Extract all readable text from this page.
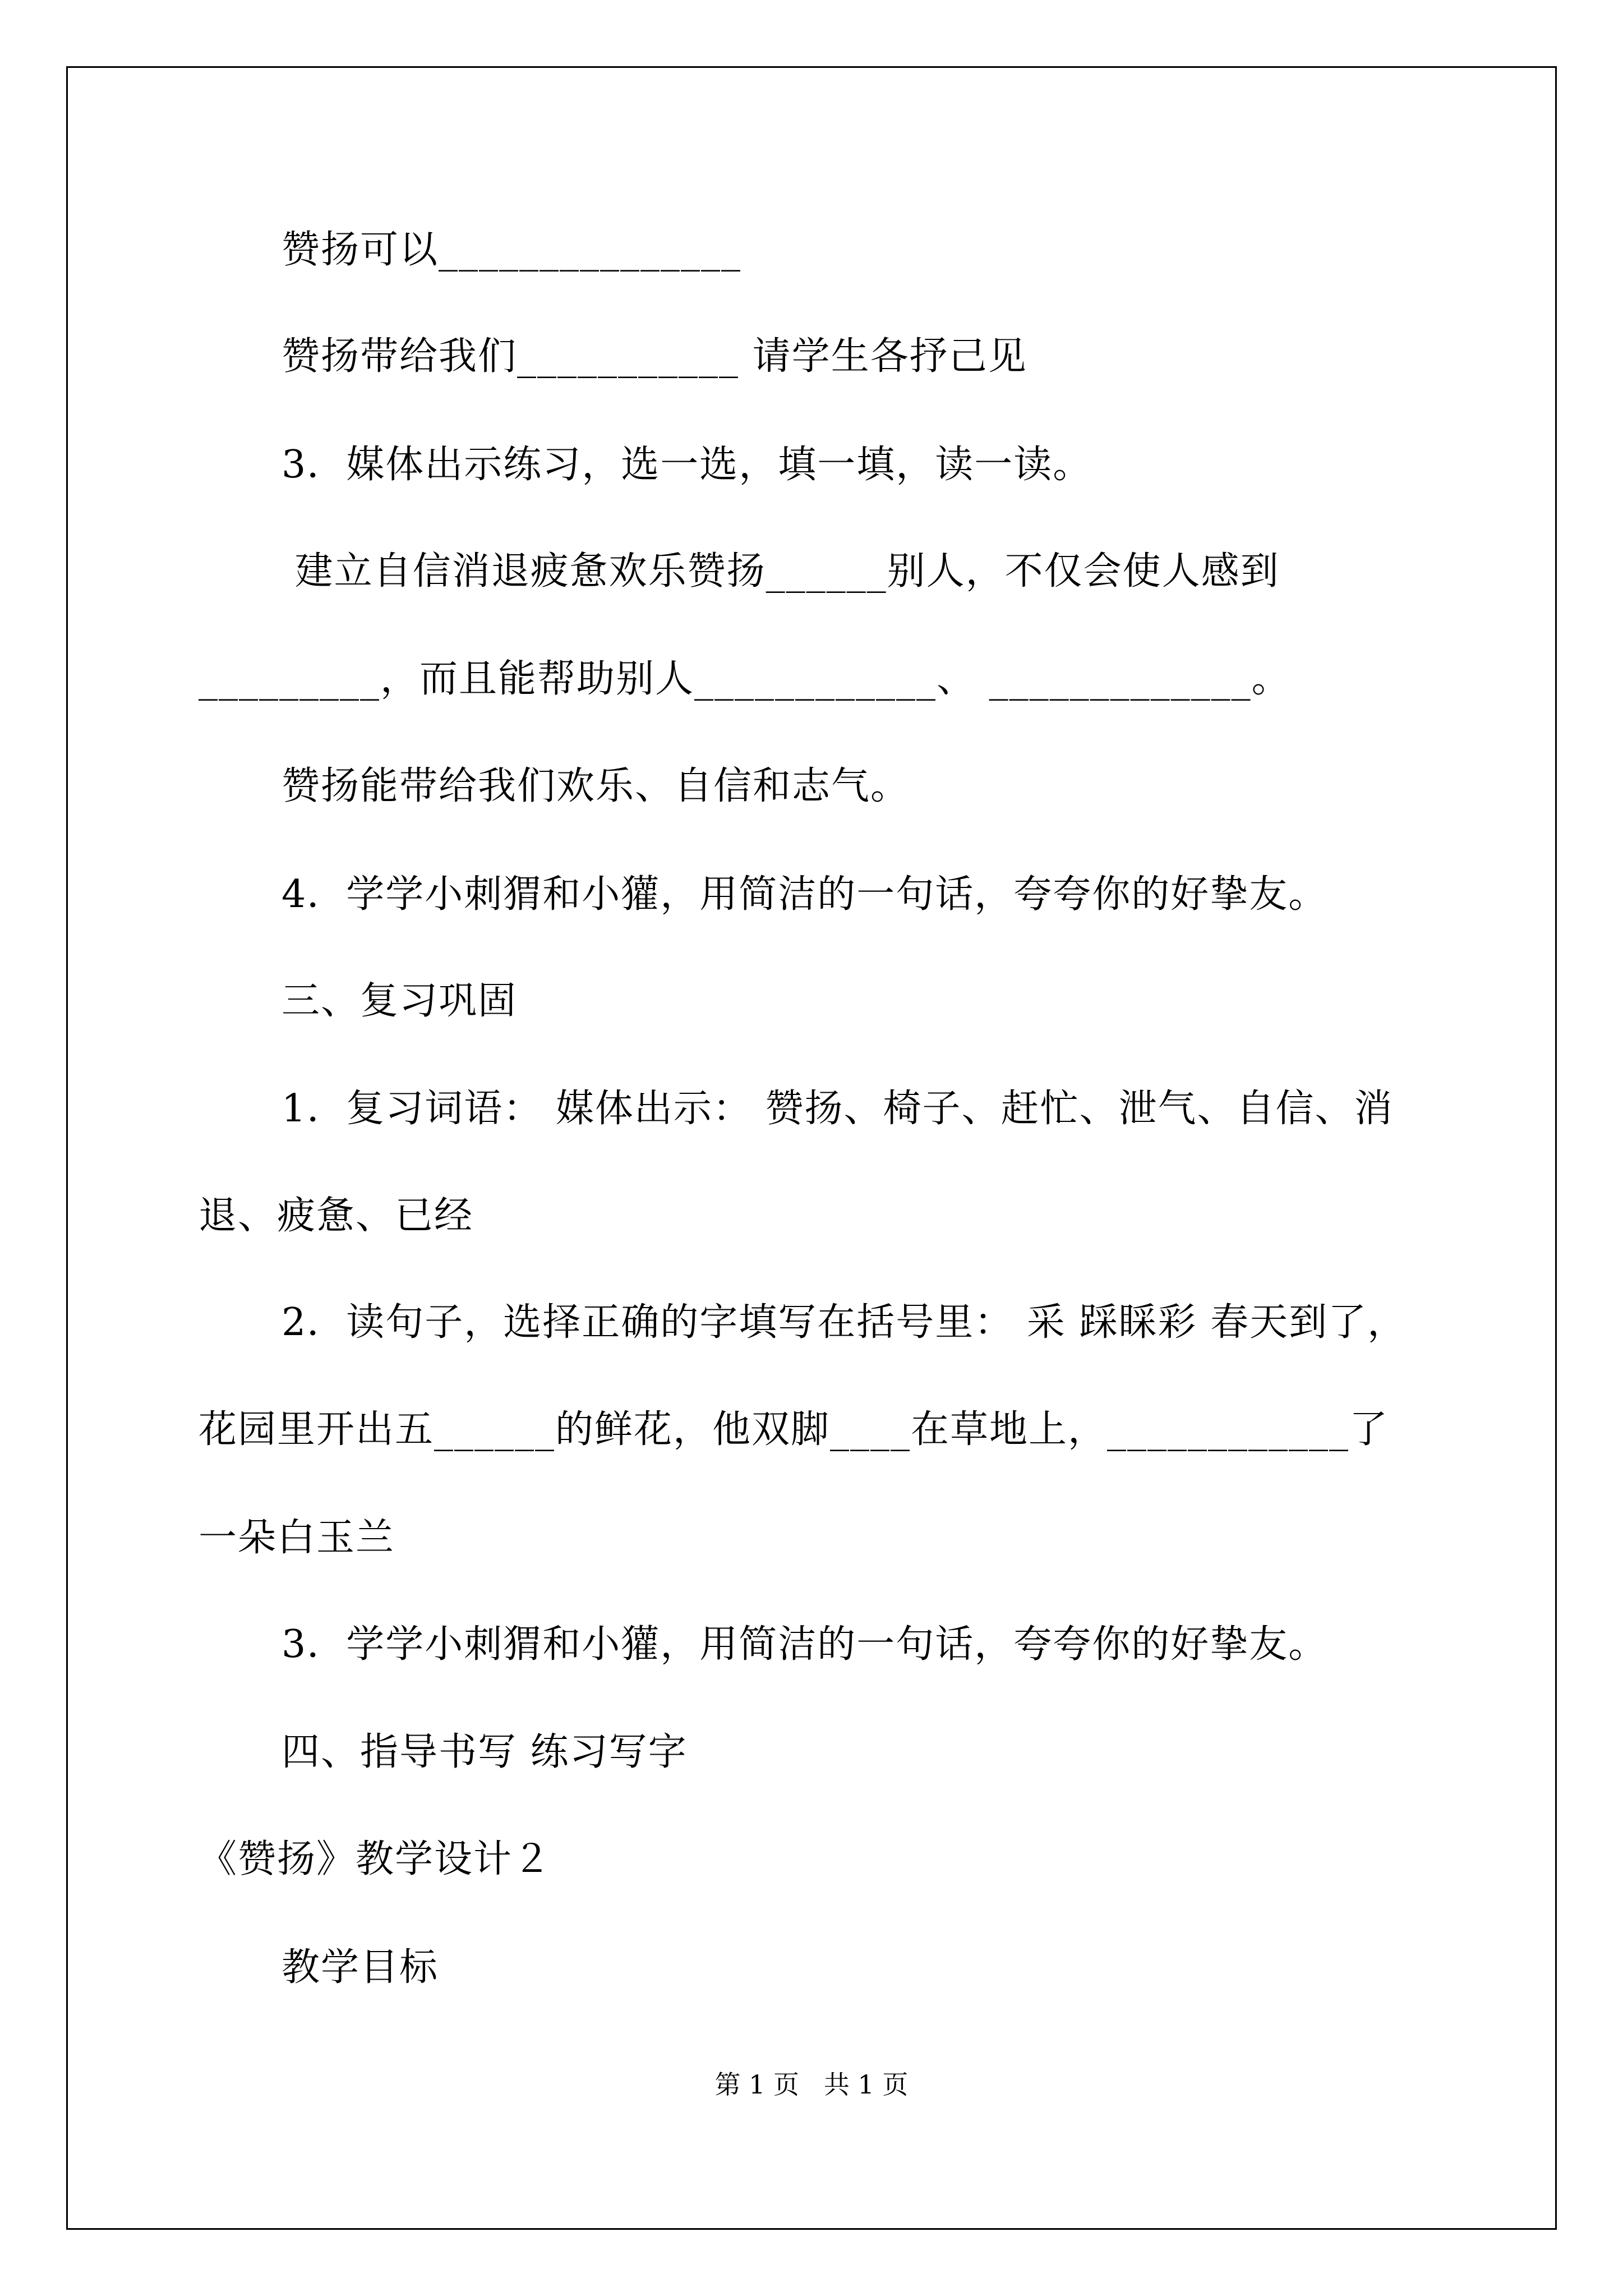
赞扬可以_______________
赞扬带给我们___________ 请学生各抒己见
3．媒体出示练习，选一选，填一填，读一读。
建立自信消退疲惫欢乐赞扬______别人，不仅会使人感到
_________，而且能帮助别人____________、 _____________。
赞扬能带给我们欢乐、自信和志气。
4．学学小刺猬和小獾，用简洁的一句话，夸夸你的好挚友。
三、复习巩固
1．复习词语： 媒体出示： 赞扬、椅子、赶忙、泄气、自信、消
退、疲惫、已经
2．读句子，选择正确的字填写在括号里： 采 踩睬彩 春天到了，
花园里开出五______的鲜花，他双脚____在草地上，____________了
一朵白玉兰
3．学学小刺猬和小獾，用简洁的一句话，夸夸你的好挚友。
四、指导书写 练习写字
《赞扬》教学设计２
教学目标
第 1 页   共 1 页
